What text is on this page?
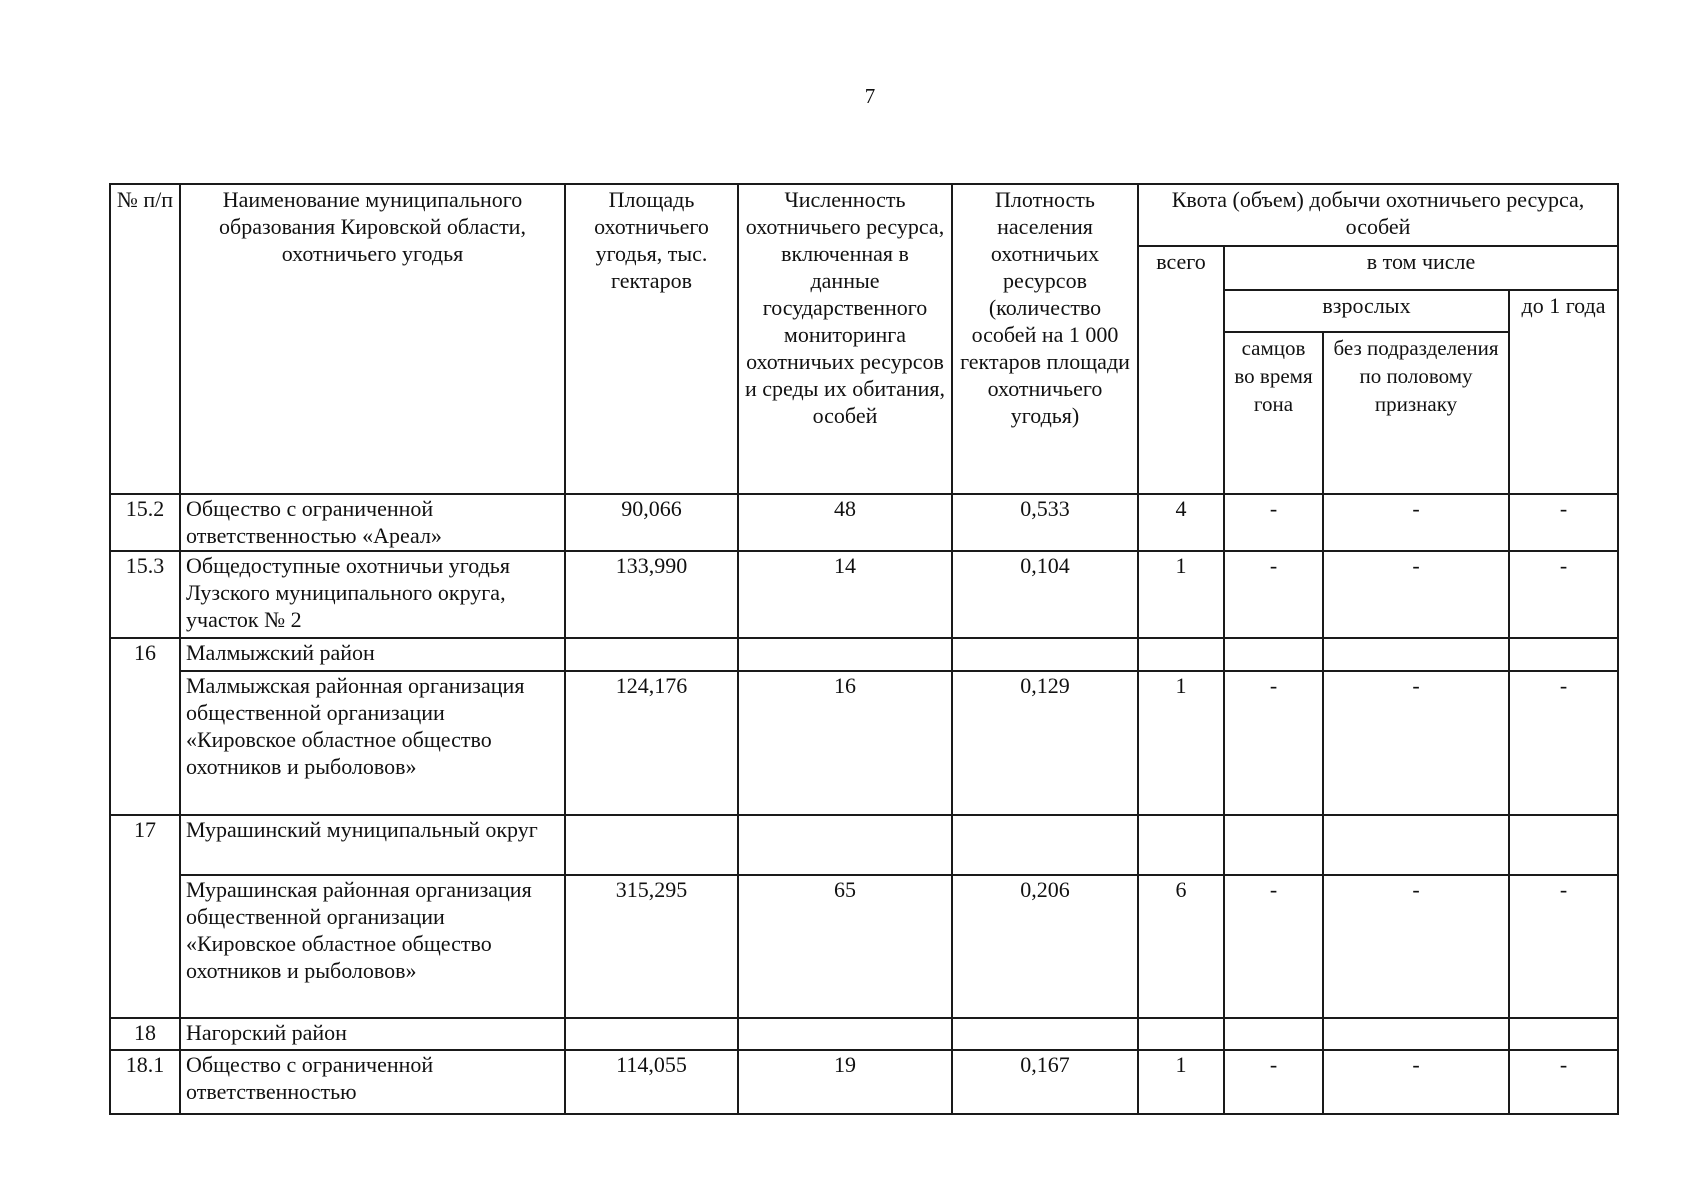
7
№ п/п	Наименование муниципального образования Кировской области, охотничьего угодья	Площадь охотничьего угодья, тыс. гектаров	Численность охотничьего ресурса, включенная в данные государственного мониторинга охотничьих ресурсов и среды их обитания, особей	Плотность населения охотничьих ресурсов (количество особей на 1 000 гектаров площади охотничьего угодья)	Квота (объем) добычи охотничьего ресурса, особей			
					всего	в том числе		
						взрослых		до 1 года
						самцов во время гона	без подразделения по половому признаку	
15.2	Общество с ограниченной ответственностью «Ареал»	90,066	48	0,533	4	-	-	-
15.3	Общедоступные охотничьи угодья Лузского муниципального округа, участок № 2	133,990	14	0,104	1	-	-	-
16	Малмыжский район							
	Малмыжская районная организация общественной организации «Кировское областное общество охотников и рыболовов»	124,176	16	0,129	1	-	-	-
17	Мурашинский муниципальный округ							
	Мурашинская районная организация общественной организации «Кировское областное общество охотников и рыболовов»	315,295	65	0,206	6	-	-	-
18	Нагорский район							
18.1	Общество с ограниченной ответственностью	114,055	19	0,167	1	-	-	-
